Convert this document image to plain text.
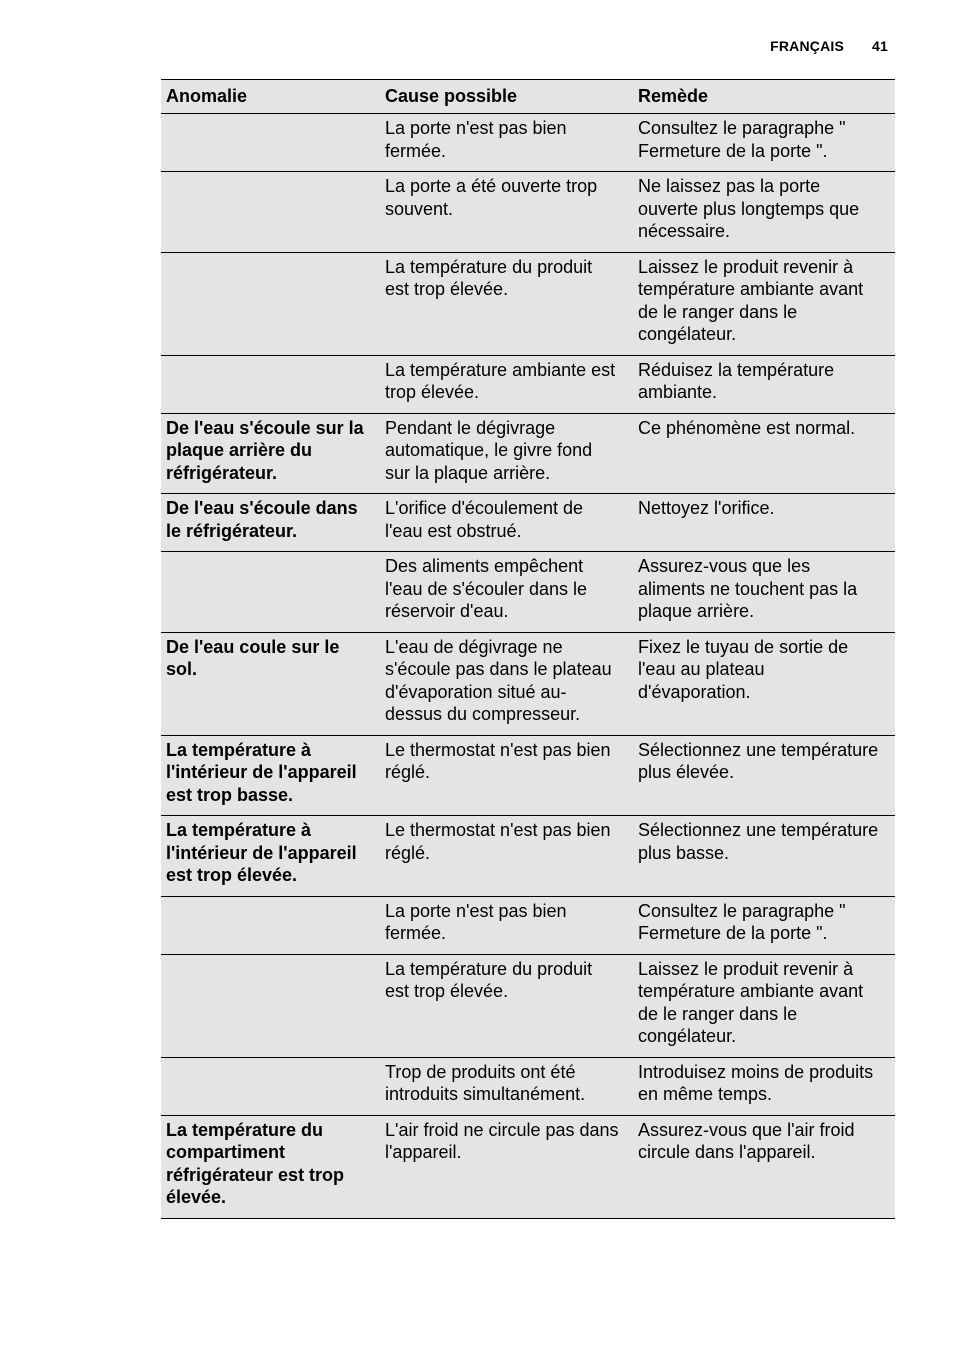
FRANÇAIS 41
Anomalie	Cause possible	Remède
	La porte n'est pas bien fermée.	Consultez le paragraphe " Fermeture de la porte ".
	La porte a été ouverte trop souvent.	Ne laissez pas la porte ouverte plus longtemps que nécessaire.
	La température du produit est trop élevée.	Laissez le produit revenir à température ambiante avant de le ranger dans le congélateur.
	La température ambiante est trop élevée.	Réduisez la température ambiante.
De l'eau s'écoule sur la plaque arrière du réfrigérateur.	Pendant le dégivrage automatique, le givre fond sur la plaque arrière.	Ce phénomène est normal.
De l'eau s'écoule dans le réfrigérateur.	L'orifice d'écoulement de l'eau est obstrué.	Nettoyez l'orifice.
	Des aliments empêchent l'eau de s'écouler dans le réservoir d'eau.	Assurez-vous que les aliments ne touchent pas la plaque arrière.
De l'eau coule sur le sol.	L'eau de dégivrage ne s'écoule pas dans le plateau d'évaporation situé au-dessus du compresseur.	Fixez le tuyau de sortie de l'eau au plateau d'évaporation.
La température à l'intérieur de l'appareil est trop basse.	Le thermostat n'est pas bien réglé.	Sélectionnez une température plus élevée.
La température à l'intérieur de l'appareil est trop élevée.	Le thermostat n'est pas bien réglé.	Sélectionnez une température plus basse.
	La porte n'est pas bien fermée.	Consultez le paragraphe " Fermeture de la porte ".
	La température du produit est trop élevée.	Laissez le produit revenir à température ambiante avant de le ranger dans le congélateur.
	Trop de produits ont été introduits simultanément.	Introduisez moins de produits en même temps.
La température du compartiment réfrigérateur est trop élevée.	L'air froid ne circule pas dans l'appareil.	Assurez-vous que l'air froid circule dans l'appareil.
